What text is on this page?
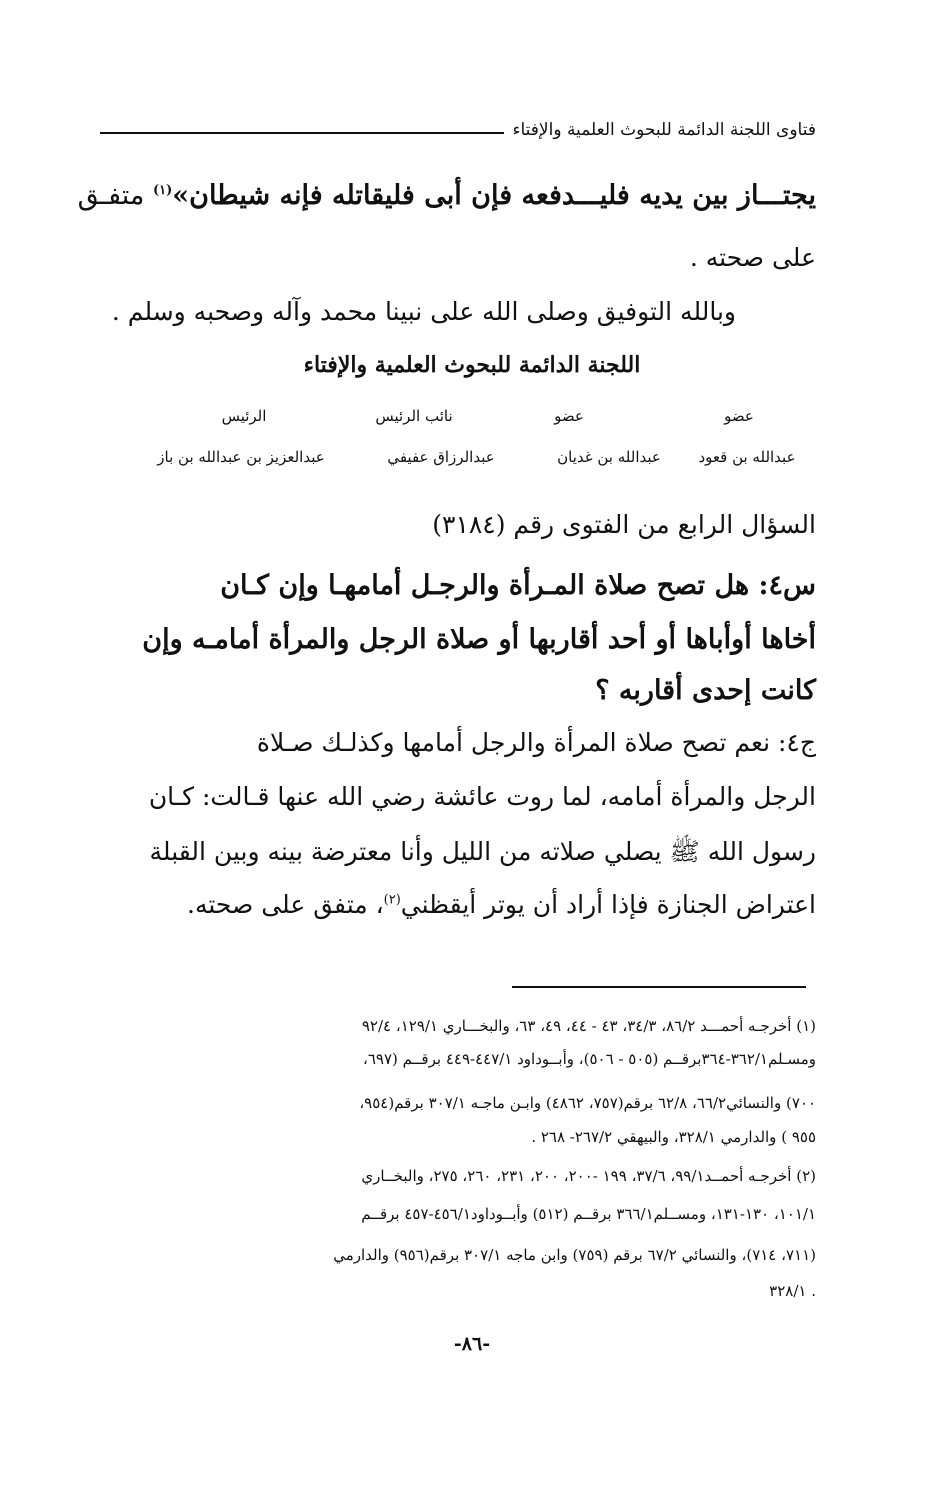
فتاوى اللجنة الدائمة للبحوث العلمية والإفتاء
يجتـــاز بين يديه فليـــدفعه فإن أبى فليقاتله فإنه شيطان»$^{(١)}$ متفـق
على صحته .
وبالله التوفيق وصلى الله على نبينا محمد وآله وصحبه وسلم .
اللجنة الدائمة للبحوث العلمية والإفتاء
عضو
عضو
نائب الرئيس
الرئيس
عبدالله بن قعود
عبدالله بن غديان
عبدالرزاق عفيفي
عبدالعزيز بن عبدالله بن باز
السؤال الرابع من الفتوى رقم (٣١٨٤)
س٤: هل تصح صلاة المـرأة والرجـل أمامهـا وإن كـان
أخاها أوأباها أو أحد أقاربها أو صلاة الرجل والمرأة أمامـه وإن
كانت إحدى أقاربه ؟
ج٤: نعم تصح صلاة المرأة والرجل أمامها وكذلـك صـلاة
الرجل والمرأة أمامه، لما روت عائشة رضي الله عنها قـالت: كـان
رسول الله ﷺ يصلي صلاته من الليل وأنا معترضة بينه وبين القبلة
اعتراض الجنازة فإذا أراد أن يوتر أيقظني$^{(٢)}$، متفق على صحته.
(١) أخرجـه أحمـــد ٨٦/٢، ٣٤/٣، ٤٣ - ٤٤، ٤٩، ٦٣، والبخـــاري ١٢٩/١، ٩٢/٤
ومسـلم٣٦٢/١-٣٦٤برقــم (٥٠٥ - ٥٠٦)، وأبــوداود ٤٤٧/١-٤٤٩ برقــم (٦٩٧،
٧٠٠) والنسائي٦٦/٢، ٦٢/٨ برقم(٧٥٧، ٤٨٦٢) وابـن ماجـه ٣٠٧/١ برقم(٩٥٤،
٩٥٥ ) والدارمي ٣٢٨/١، والبيهقي ٢٦٧/٢- ٢٦٨ .
(٢) أخرجـه أحمــد٩٩/١، ٣٧/٦، ١٩٩ -٢٠٠، ٢٠٠، ٢٣١، ٢٦٠، ٢٧٥، والبخــاري
١٠١/١، ١٣٠-١٣١، ومســلم٣٦٦/١ برقــم (٥١٢) وأبــوداود٤٥٦/١-٤٥٧ برقــم
(٧١١، ٧١٤)، والنسائي ٦٧/٢ برقم (٧٥٩) وابن ماجه ٣٠٧/١ برقم(٩٥٦) والدارمي
. ٣٢٨/١
-٨٦-
